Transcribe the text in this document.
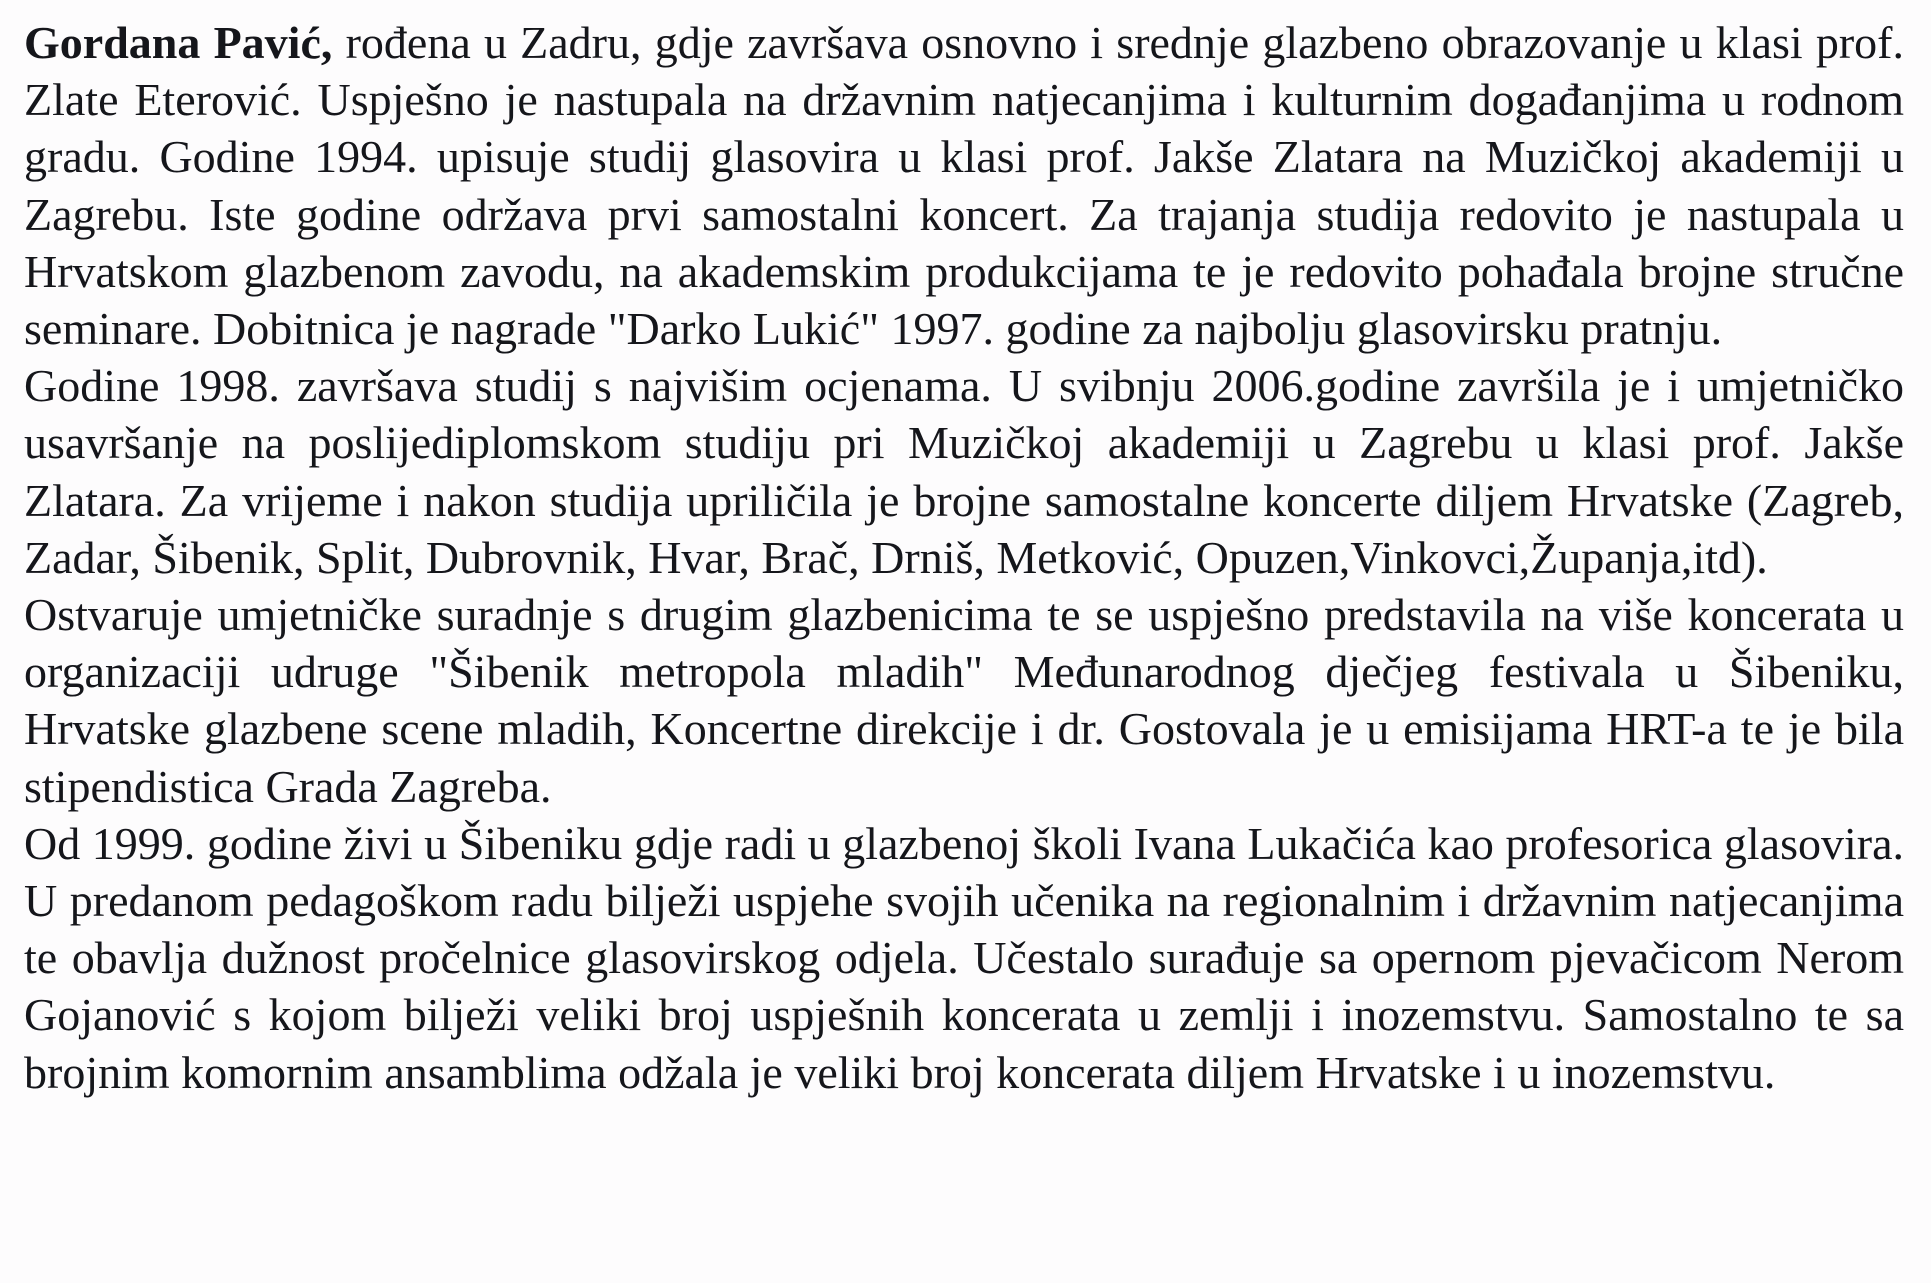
Gordana Pavić, rođena u Zadru, gdje završava osnovno i srednje glazbeno obrazovanje u klasi prof. Zlate Eterović. Uspješno je nastupala na državnim natjecanjima i kulturnim događanjima u rodnom gradu. Godine 1994. upisuje studij glasovira u klasi prof. Jakše Zlatara na Muzičkoj akademiji u Zagrebu. Iste godine održava prvi samostalni koncert. Za trajanja studija redovito je nastupala u Hrvatskom glazbenom zavodu, na akademskim produkcijama te je redovito pohađala brojne stručne seminare. Dobitnica je nagrade "Darko Lukić" 1997. godine za najbolju glasovirsku pratnju.

Godine 1998. završava studij s najvišim ocjenama. U svibnju 2006.godine završila je i umjetničko usavršanje na poslijediplomskom studiju pri Muzičkoj akademiji u Zagrebu u klasi prof. Jakše Zlatara. Za vrijeme i nakon studija upriličila je brojne samostalne koncerte diljem Hrvatske (Zagreb, Zadar, Šibenik, Split, Dubrovnik, Hvar, Brač, Drniš, Metković, Opuzen,Vinkovci,Županja,itd).

Ostvaruje umjetničke suradnje s drugim glazbenicima te se uspješno predstavila na više koncerata u organizaciji udruge "Šibenik metropola mladih" Međunarodnog dječjeg festivala u Šibeniku, Hrvatske glazbene scene mladih, Koncertne direkcije i dr. Gostovala je u emisijama HRT-a te je bila stipendistica Grada Zagreba.

Od 1999. godine živi u Šibeniku gdje radi u glazbenoj školi Ivana Lukačića kao profesorica glasovira. U predanom pedagoškom radu bilježi uspjehe svojih učenika na regionalnim i državnim natjecanjima te obavlja dužnost pročelnice glasovirskog odjela. Učestalo surađuje sa opernom pjevačicom Nerom Gojanović s kojom bilježi veliki broj uspješnih koncerata u zemlji i inozemstvu. Samostalno te sa brojnim komornim ansamblima odžala je veliki broj koncerata diljem Hrvatske i u inozemstvu.
